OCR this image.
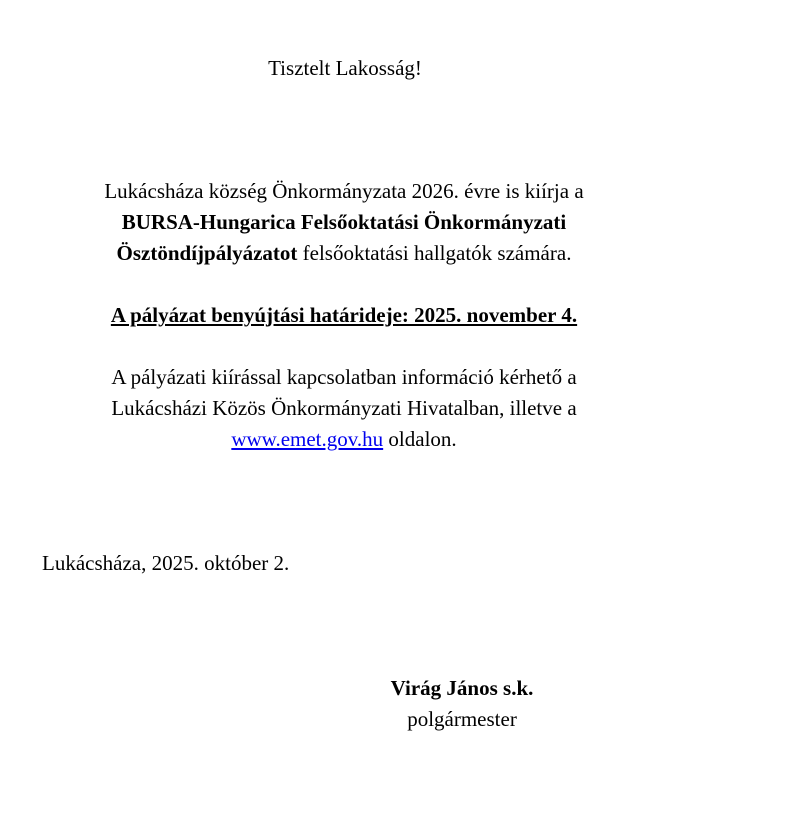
Tisztelt Lakosság!
Lukácsháza község Önkormányzata 2026. évre is kiírja a
BURSA-Hungarica Felsőoktatási Önkormányzati
Ösztöndíjpályázatot felsőoktatási hallgatók számára.
A pályázat benyújtási határideje: 2025. november 4.
A pályázati kiírással kapcsolatban információ kérhető a
Lukácsházi Közös Önkormányzati Hivatalban, illetve a
www.emet.gov.hu oldalon.
Lukácsháza, 2025. október 2.
Virág János s.k.
polgármester
